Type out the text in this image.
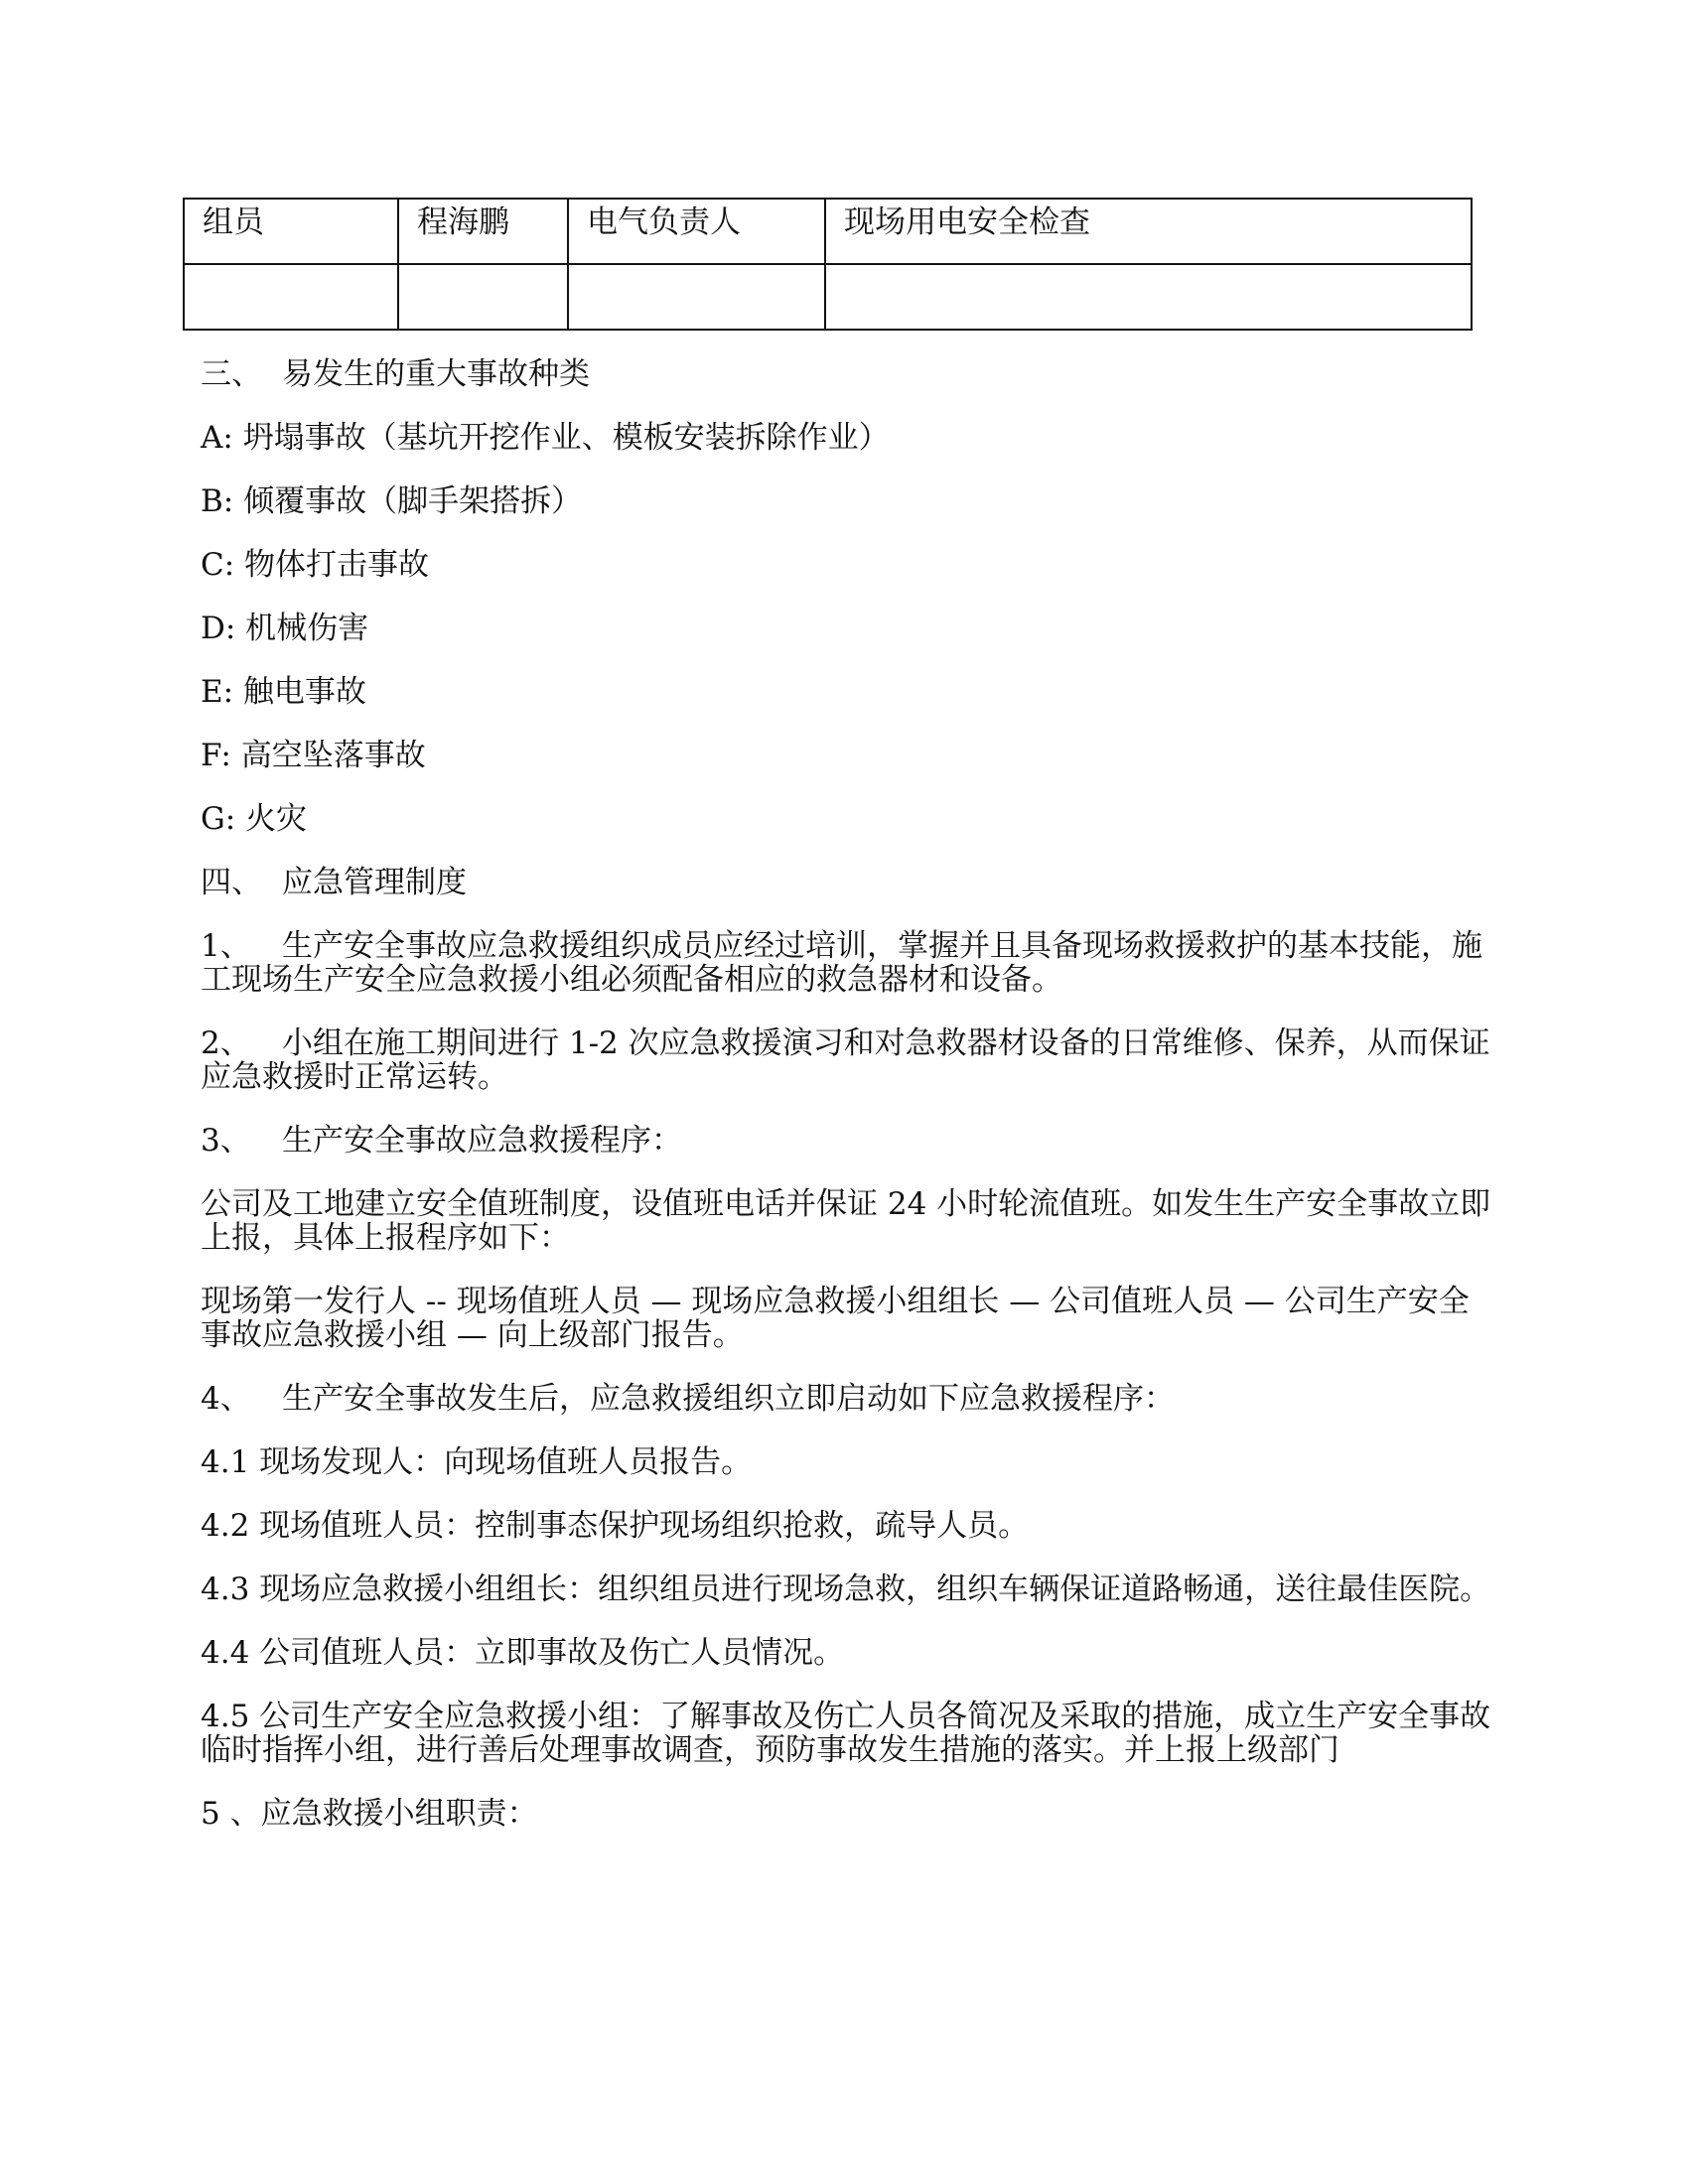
组员	程海鹏	电气负责人	现场用电安全检查

三、 易发生的重大事故种类
A: 坍塌事故（基坑开挖作业、模板安装拆除作业）
B: 倾覆事故（脚手架搭拆）
C: 物体打击事故
D: 机械伤害
E: 触电事故
F: 高空坠落事故
G: 火灾
四、 应急管理制度
1、 生产安全事故应急救援组织成员应经过培训，掌握并且具备现场救援救护的基本技能，施工现场生产安全应急救援小组必须配备相应的救急器材和设备。
2、 小组在施工期间进行 1-2 次应急救援演习和对急救器材设备的日常维修、保养，从而保证应急救援时正常运转。
3、 生产安全事故应急救援程序：
公司及工地建立安全值班制度，设值班电话并保证 24 小时轮流值班。如发生生产安全事故立即上报，具体上报程序如下：
现场第一发行人 -- 现场值班人员 — 现场应急救援小组组长 — 公司值班人员 — 公司生产安全事故应急救援小组 — 向上级部门报告。
4、 生产安全事故发生后，应急救援组织立即启动如下应急救援程序：
4.1 现场发现人：向现场值班人员报告。
4.2 现场值班人员：控制事态保护现场组织抢救，疏导人员。
4.3 现场应急救援小组组长：组织组员进行现场急救，组织车辆保证道路畅通，送往最佳医院。
4.4 公司值班人员：立即事故及伤亡人员情况。
4.5 公司生产安全应急救援小组：了解事故及伤亡人员各简况及采取的措施，成立生产安全事故临时指挥小组，进行善后处理事故调查，预防事故发生措施的落实。并上报上级部门
5 、应急救援小组职责：
